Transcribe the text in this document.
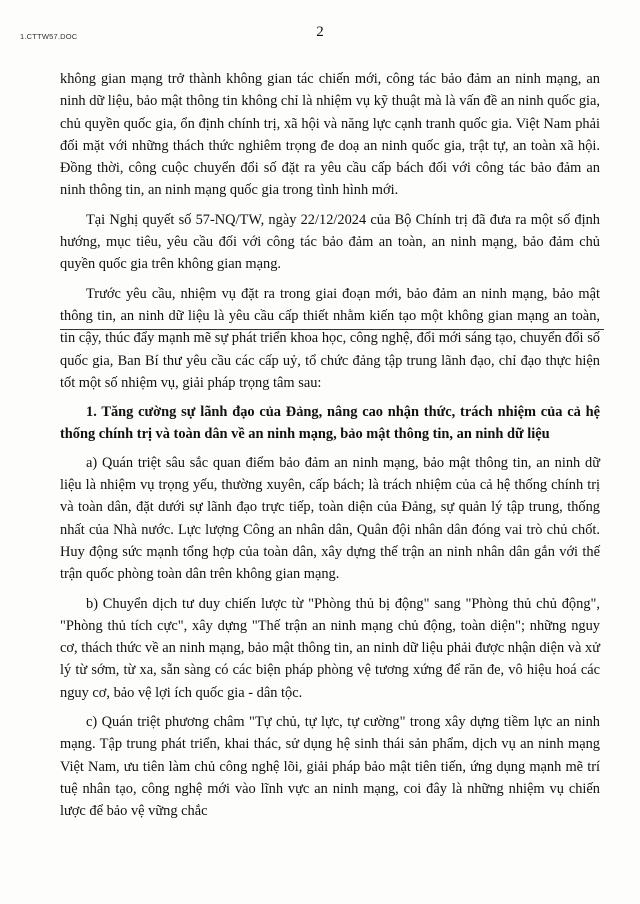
1.CTTW57.DOC	2

không gian mạng trở thành không gian tác chiến mới, công tác bảo đảm an ninh mạng, an ninh dữ liệu, bảo mật thông tin không chỉ là nhiệm vụ kỹ thuật mà là vấn đề an ninh quốc gia, chủ quyền quốc gia, ổn định chính trị, xã hội và năng lực cạnh tranh quốc gia. Việt Nam phải đối mặt với những thách thức nghiêm trọng đe doạ an ninh quốc gia, trật tự, an toàn xã hội. Đồng thời, công cuộc chuyển đổi số đặt ra yêu cầu cấp bách đối với công tác bảo đảm an ninh thông tin, an ninh mạng quốc gia trong tình hình mới.

Tại Nghị quyết số 57-NQ/TW, ngày 22/12/2024 của Bộ Chính trị đã đưa ra một số định hướng, mục tiêu, yêu cầu đối với công tác bảo đảm an toàn, an ninh mạng, bảo đảm chủ quyền quốc gia trên không gian mạng.

Trước yêu cầu, nhiệm vụ đặt ra trong giai đoạn mới, bảo đảm an ninh mạng, bảo mật thông tin, an ninh dữ liệu là yêu cầu cấp thiết nhằm kiến tạo một không gian mạng an toàn, tin cậy, thúc đẩy mạnh mẽ sự phát triển khoa học, công nghệ, đổi mới sáng tạo, chuyển đổi số quốc gia, Ban Bí thư yêu cầu các cấp uỷ, tổ chức đảng tập trung lãnh đạo, chỉ đạo thực hiện tốt một số nhiệm vụ, giải pháp trọng tâm sau:

1. Tăng cường sự lãnh đạo của Đảng, nâng cao nhận thức, trách nhiệm của cả hệ thống chính trị và toàn dân về an ninh mạng, bảo mật thông tin, an ninh dữ liệu

a) Quán triệt sâu sắc quan điểm bảo đảm an ninh mạng, bảo mật thông tin, an ninh dữ liệu là nhiệm vụ trọng yếu, thường xuyên, cấp bách; là trách nhiệm của cả hệ thống chính trị và toàn dân, đặt dưới sự lãnh đạo trực tiếp, toàn diện của Đảng, sự quản lý tập trung, thống nhất của Nhà nước. Lực lượng Công an nhân dân, Quân đội nhân dân đóng vai trò chủ chốt. Huy động sức mạnh tổng hợp của toàn dân, xây dựng thế trận an ninh nhân dân gắn với thế trận quốc phòng toàn dân trên không gian mạng.

b) Chuyển dịch tư duy chiến lược từ "Phòng thủ bị động" sang "Phòng thủ chủ động", "Phòng thủ tích cực", xây dựng "Thế trận an ninh mạng chủ động, toàn diện"; những nguy cơ, thách thức về an ninh mạng, bảo mật thông tin, an ninh dữ liệu phải được nhận diện và xử lý từ sớm, từ xa, sẵn sàng có các biện pháp phòng vệ tương xứng để răn đe, vô hiệu hoá các nguy cơ, bảo vệ lợi ích quốc gia - dân tộc.

c) Quán triệt phương châm "Tự chủ, tự lực, tự cường" trong xây dựng tiềm lực an ninh mạng. Tập trung phát triển, khai thác, sử dụng hệ sinh thái sản phẩm, dịch vụ an ninh mạng Việt Nam, ưu tiên làm chủ công nghệ lõi, giải pháp bảo mật tiên tiến, ứng dụng mạnh mẽ trí tuệ nhân tạo, công nghệ mới vào lĩnh vực an ninh mạng, coi đây là những nhiệm vụ chiến lược để bảo vệ vững chắc
